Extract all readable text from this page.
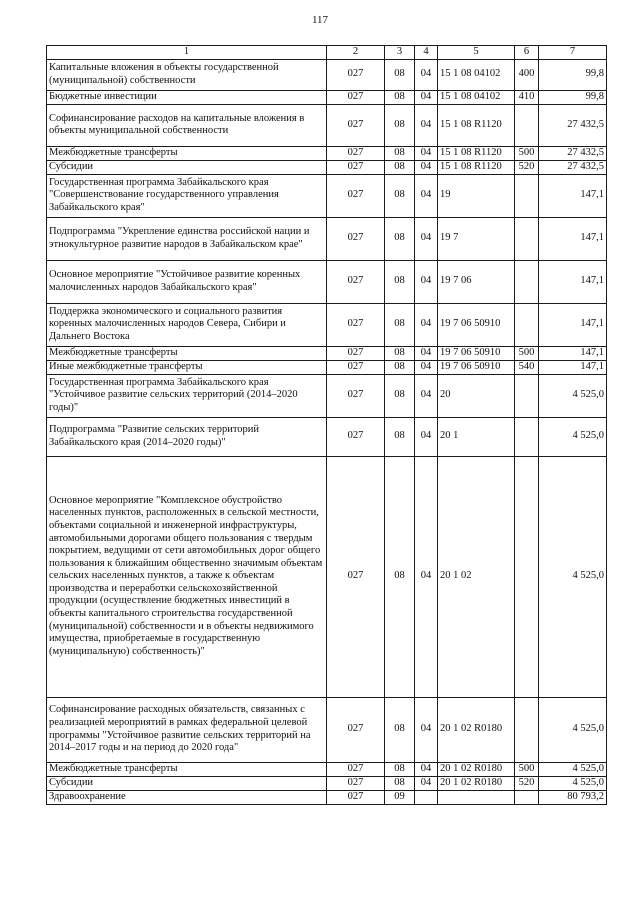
117
1	2	3	4	5	6	7
Капитальные вложения в объекты государственной (муниципальной) собственности	027	08	04	15 1 08 04102	400	99,8
Бюджетные инвестиции	027	08	04	15 1 08 04102	410	99,8
Софинансирование расходов на капитальные вложения в объекты муниципальной собственности	027	08	04	15 1 08 R1120		27 432,5
Межбюджетные трансферты	027	08	04	15 1 08 R1120	500	27 432,5
Субсидии	027	08	04	15 1 08 R1120	520	27 432,5
Государственная программа Забайкальского края "Совершенствование государственного управления Забайкальского края"	027	08	04	19		147,1
Подпрограмма "Укрепление единства российской нации и этнокультурное развитие народов в Забайкальском крае"	027	08	04	19 7		147,1
Основное мероприятие "Устойчивое развитие коренных малочисленных народов Забайкальского края"	027	08	04	19 7 06		147,1
Поддержка экономического и социального развития коренных малочисленных народов Севера, Сибири и Дальнего Востока	027	08	04	19 7 06 50910		147,1
Межбюджетные трансферты	027	08	04	19 7 06 50910	500	147,1
Иные межбюджетные трансферты	027	08	04	19 7 06 50910	540	147,1
Государственная программа Забайкальского края "Устойчивое развитие сельских территорий (2014–2020 годы)"	027	08	04	20		4 525,0
Подпрограмма "Развитие сельских территорий Забайкальского края (2014–2020 годы)"	027	08	04	20 1		4 525,0
Основное мероприятие "Комплексное обустройство населенных пунктов, расположенных в сельской местности, объектами социальной и инженерной инфраструктуры, автомобильными дорогами общего пользования с твердым покрытием, ведущими от сети автомобильных дорог общего пользования к ближайшим общественно значимым объектам сельских населенных пунктов, а также к объектам производства и переработки сельскохозяйственной продукции (осуществление бюджетных инвестиций в объекты капитального строительства государственной (муниципальной) собственности и в объекты недвижимого имущества, приобретаемые в государственную (муниципальную) собственность)"	027	08	04	20 1 02		4 525,0
Софинансирование расходных обязательств, связанных с реализацией мероприятий в рамках федеральной целевой программы "Устойчивое развитие сельских территорий на 2014–2017 годы и на период до 2020 года"	027	08	04	20 1 02 R0180		4 525,0
Межбюджетные трансферты	027	08	04	20 1 02 R0180	500	4 525,0
Субсидии	027	08	04	20 1 02 R0180	520	4 525,0
Здравоохранение	027	09				80 793,2
